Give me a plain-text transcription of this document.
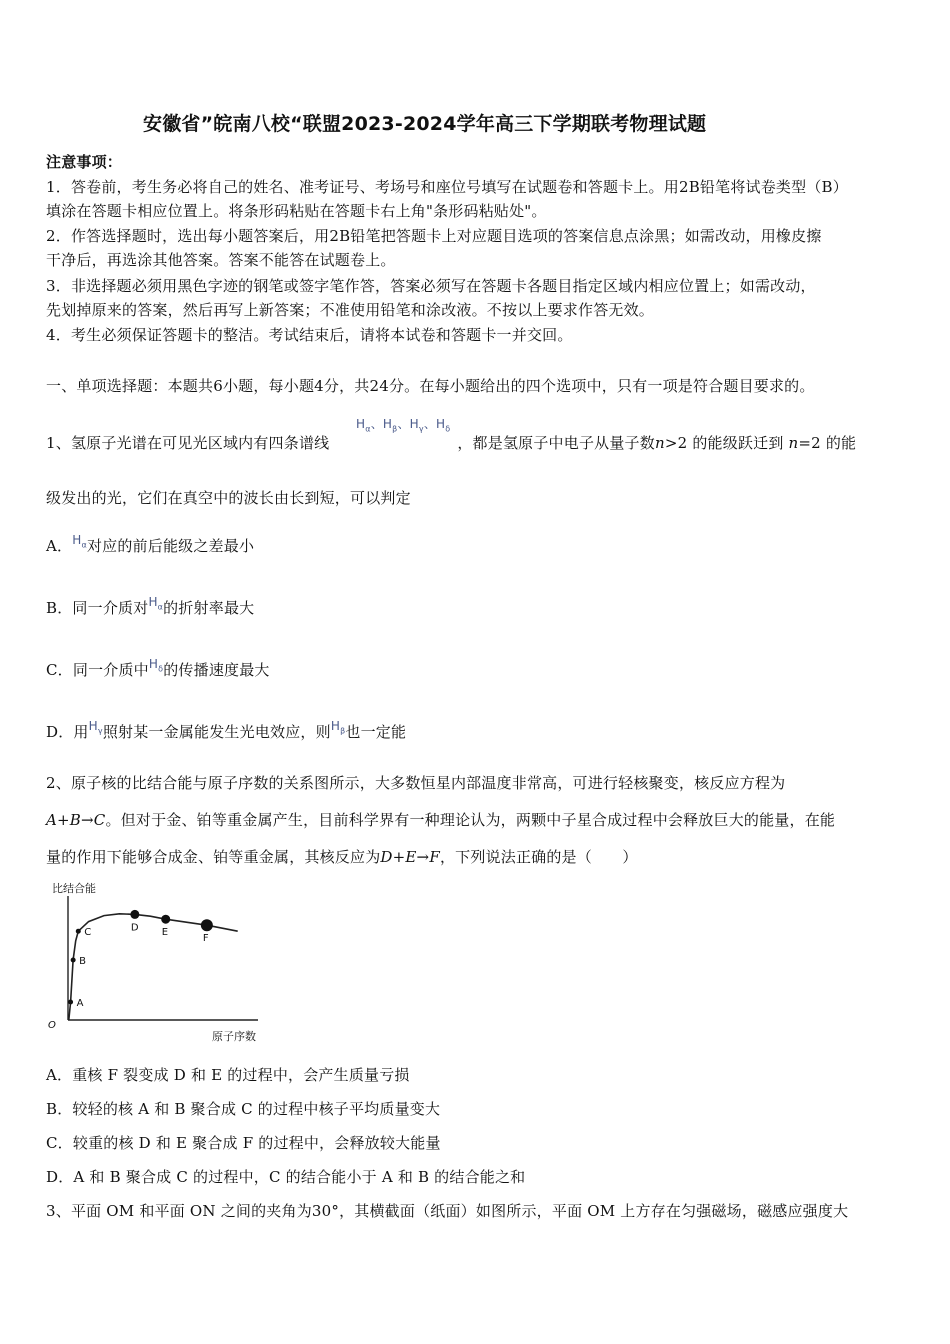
安徽省”皖南八校“联盟2023-2024学年高三下学期联考物理试题
注意事项：
1．答卷前，考生务必将自己的姓名、准考证号、考场号和座位号填写在试题卷和答题卡上。用2B铅笔将试卷类型（B）
填涂在答题卡相应位置上。将条形码粘贴在答题卡右上角"条形码粘贴处"。
2．作答选择题时，选出每小题答案后，用2B铅笔把答题卡上对应题目选项的答案信息点涂黑；如需改动，用橡皮擦
干净后，再选涂其他答案。答案不能答在试题卷上。
3．非选择题必须用黑色字迹的钢笔或签字笔作答，答案必须写在答题卡各题目指定区域内相应位置上；如需改动，
先划掉原来的答案，然后再写上新答案；不准使用铅笔和涂改液。不按以上要求作答无效。
4．考生必须保证答题卡的整洁。考试结束后，请将本试卷和答题卡一并交回。
一、单项选择题：本题共6小题，每小题4分，共24分。在每小题给出的四个选项中，只有一项是符合题目要求的。
$H_\alpha$、$H_\beta$、$H_\gamma$、$H_\delta$
1、氢原子光谱在可见光区域内有四条谱线	，都是氢原子中电子从量子数n>2 的能级跃迁到 n=2 的能
级发出的光，它们在真空中的波长由长到短，可以判定
A．$^{H_\alpha}$对应的前后能级之差最小
B．同一介质对$^{H_\alpha}$的折射率最大
C．同一介质中$^{H_\delta}$的传播速度最大
D．用$^{H_\gamma}$照射某一金属能发生光电效应，则$^{H_\beta}$也一定能
2、原子核的比结合能与原子序数的关系图所示，大多数恒星内部温度非常高，可进行轻核聚变，核反应方程为
A+B→C。但对于金、铂等重金属产生，目前科学界有一种理论认为，两颗中子星合成过程中会释放巨大的能量，在能
量的作用下能够合成金、铂等重金属，其核反应为D+E→F，下列说法正确的是（　　）
比结合能
原子序数
O
A
B
C	D E
F
A．重核 F 裂变成 D 和 E 的过程中，会产生质量亏损
B．较轻的核 A 和 B 聚合成 C 的过程中核子平均质量变大
C．较重的核 D 和 E 聚合成 F 的过程中，会释放较大能量
D．A 和 B 聚合成 C 的过程中，C 的结合能小于 A 和 B 的结合能之和
3、平面 OM 和平面 ON 之间的夹角为30°，其横截面（纸面）如图所示，平面 OM 上方存在匀强磁场，磁感应强度大
